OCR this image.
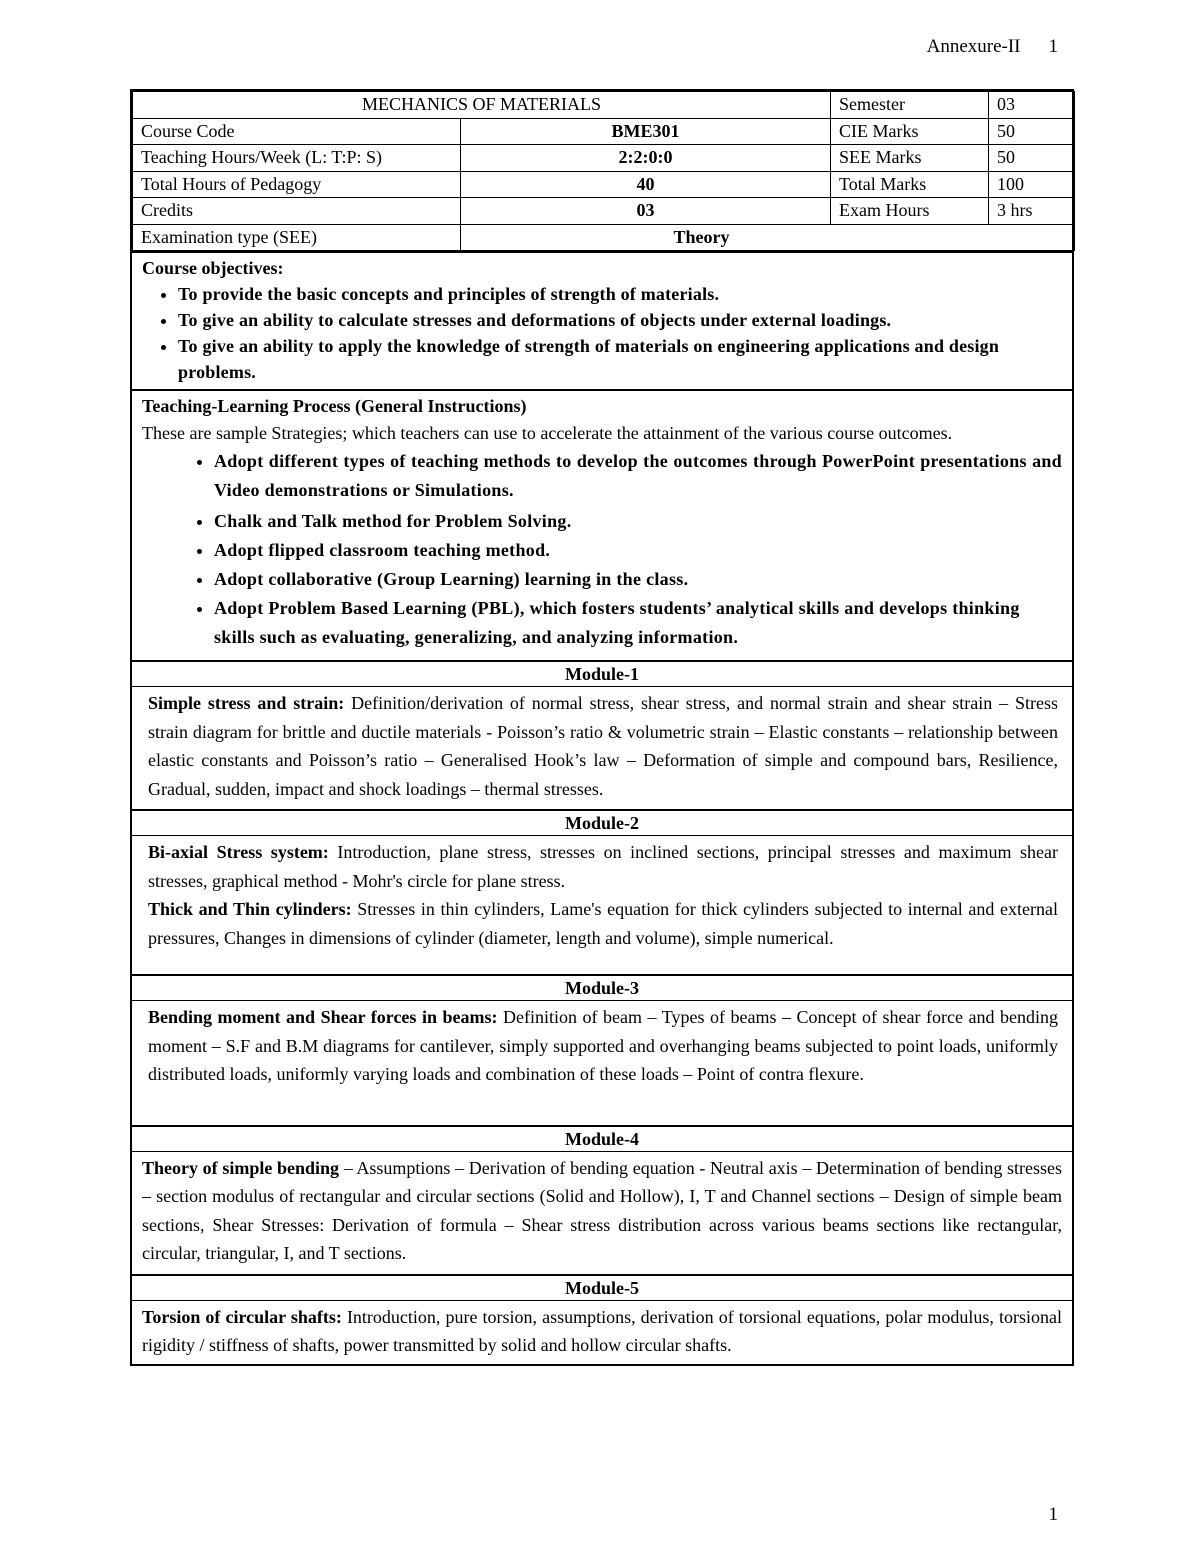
Annexure-II 1
MECHANICS OF MATERIALS		Semester	03
Course Code	BME301	CIE Marks	50
Teaching Hours/Week (L: T:P: S)	2:2:0:0	SEE Marks	50
Total Hours of Pedagogy	40	Total Marks	100
Credits	03	Exam Hours	3 hrs
Examination type (SEE)	Theory		
Course objectives:
• To provide the basic concepts and principles of strength of materials.
• To give an ability to calculate stresses and deformations of objects under external loadings.
• To give an ability to apply the knowledge of strength of materials on engineering applications and design problems.
Teaching-Learning Process (General Instructions)
These are sample Strategies; which teachers can use to accelerate the attainment of the various course outcomes.
• Adopt different types of teaching methods to develop the outcomes through PowerPoint presentations and Video demonstrations or Simulations.
• Chalk and Talk method for Problem Solving.
• Adopt flipped classroom teaching method.
• Adopt collaborative (Group Learning) learning in the class.
• Adopt Problem Based Learning (PBL), which fosters students’ analytical skills and develops thinking skills such as evaluating, generalizing, and analyzing information.
Module-1
Simple stress and strain: Definition/derivation of normal stress, shear stress, and normal strain and shear strain – Stress strain diagram for brittle and ductile materials - Poisson’s ratio & volumetric strain – Elastic constants – relationship between elastic constants and Poisson’s ratio – Generalised Hook’s law – Deformation of simple and compound bars, Resilience, Gradual, sudden, impact and shock loadings – thermal stresses.
Module-2
Bi-axial Stress system: Introduction, plane stress, stresses on inclined sections, principal stresses and maximum shear stresses, graphical method - Mohr's circle for plane stress.
Thick and Thin cylinders: Stresses in thin cylinders, Lame's equation for thick cylinders subjected to internal and external pressures, Changes in dimensions of cylinder (diameter, length and volume), simple numerical.
Module-3
Bending moment and Shear forces in beams: Definition of beam – Types of beams – Concept of shear force and bending moment – S.F and B.M diagrams for cantilever, simply supported and overhanging beams subjected to point loads, uniformly distributed loads, uniformly varying loads and combination of these loads – Point of contra flexure.
Module-4
Theory of simple bending – Assumptions – Derivation of bending equation - Neutral axis – Determination of bending stresses – section modulus of rectangular and circular sections (Solid and Hollow), I, T and Channel sections – Design of simple beam sections, Shear Stresses: Derivation of formula – Shear stress distribution across various beams sections like rectangular, circular, triangular, I, and T sections.
Module-5
Torsion of circular shafts: Introduction, pure torsion, assumptions, derivation of torsional equations, polar modulus, torsional rigidity / stiffness of shafts, power transmitted by solid and hollow circular shafts.
1
